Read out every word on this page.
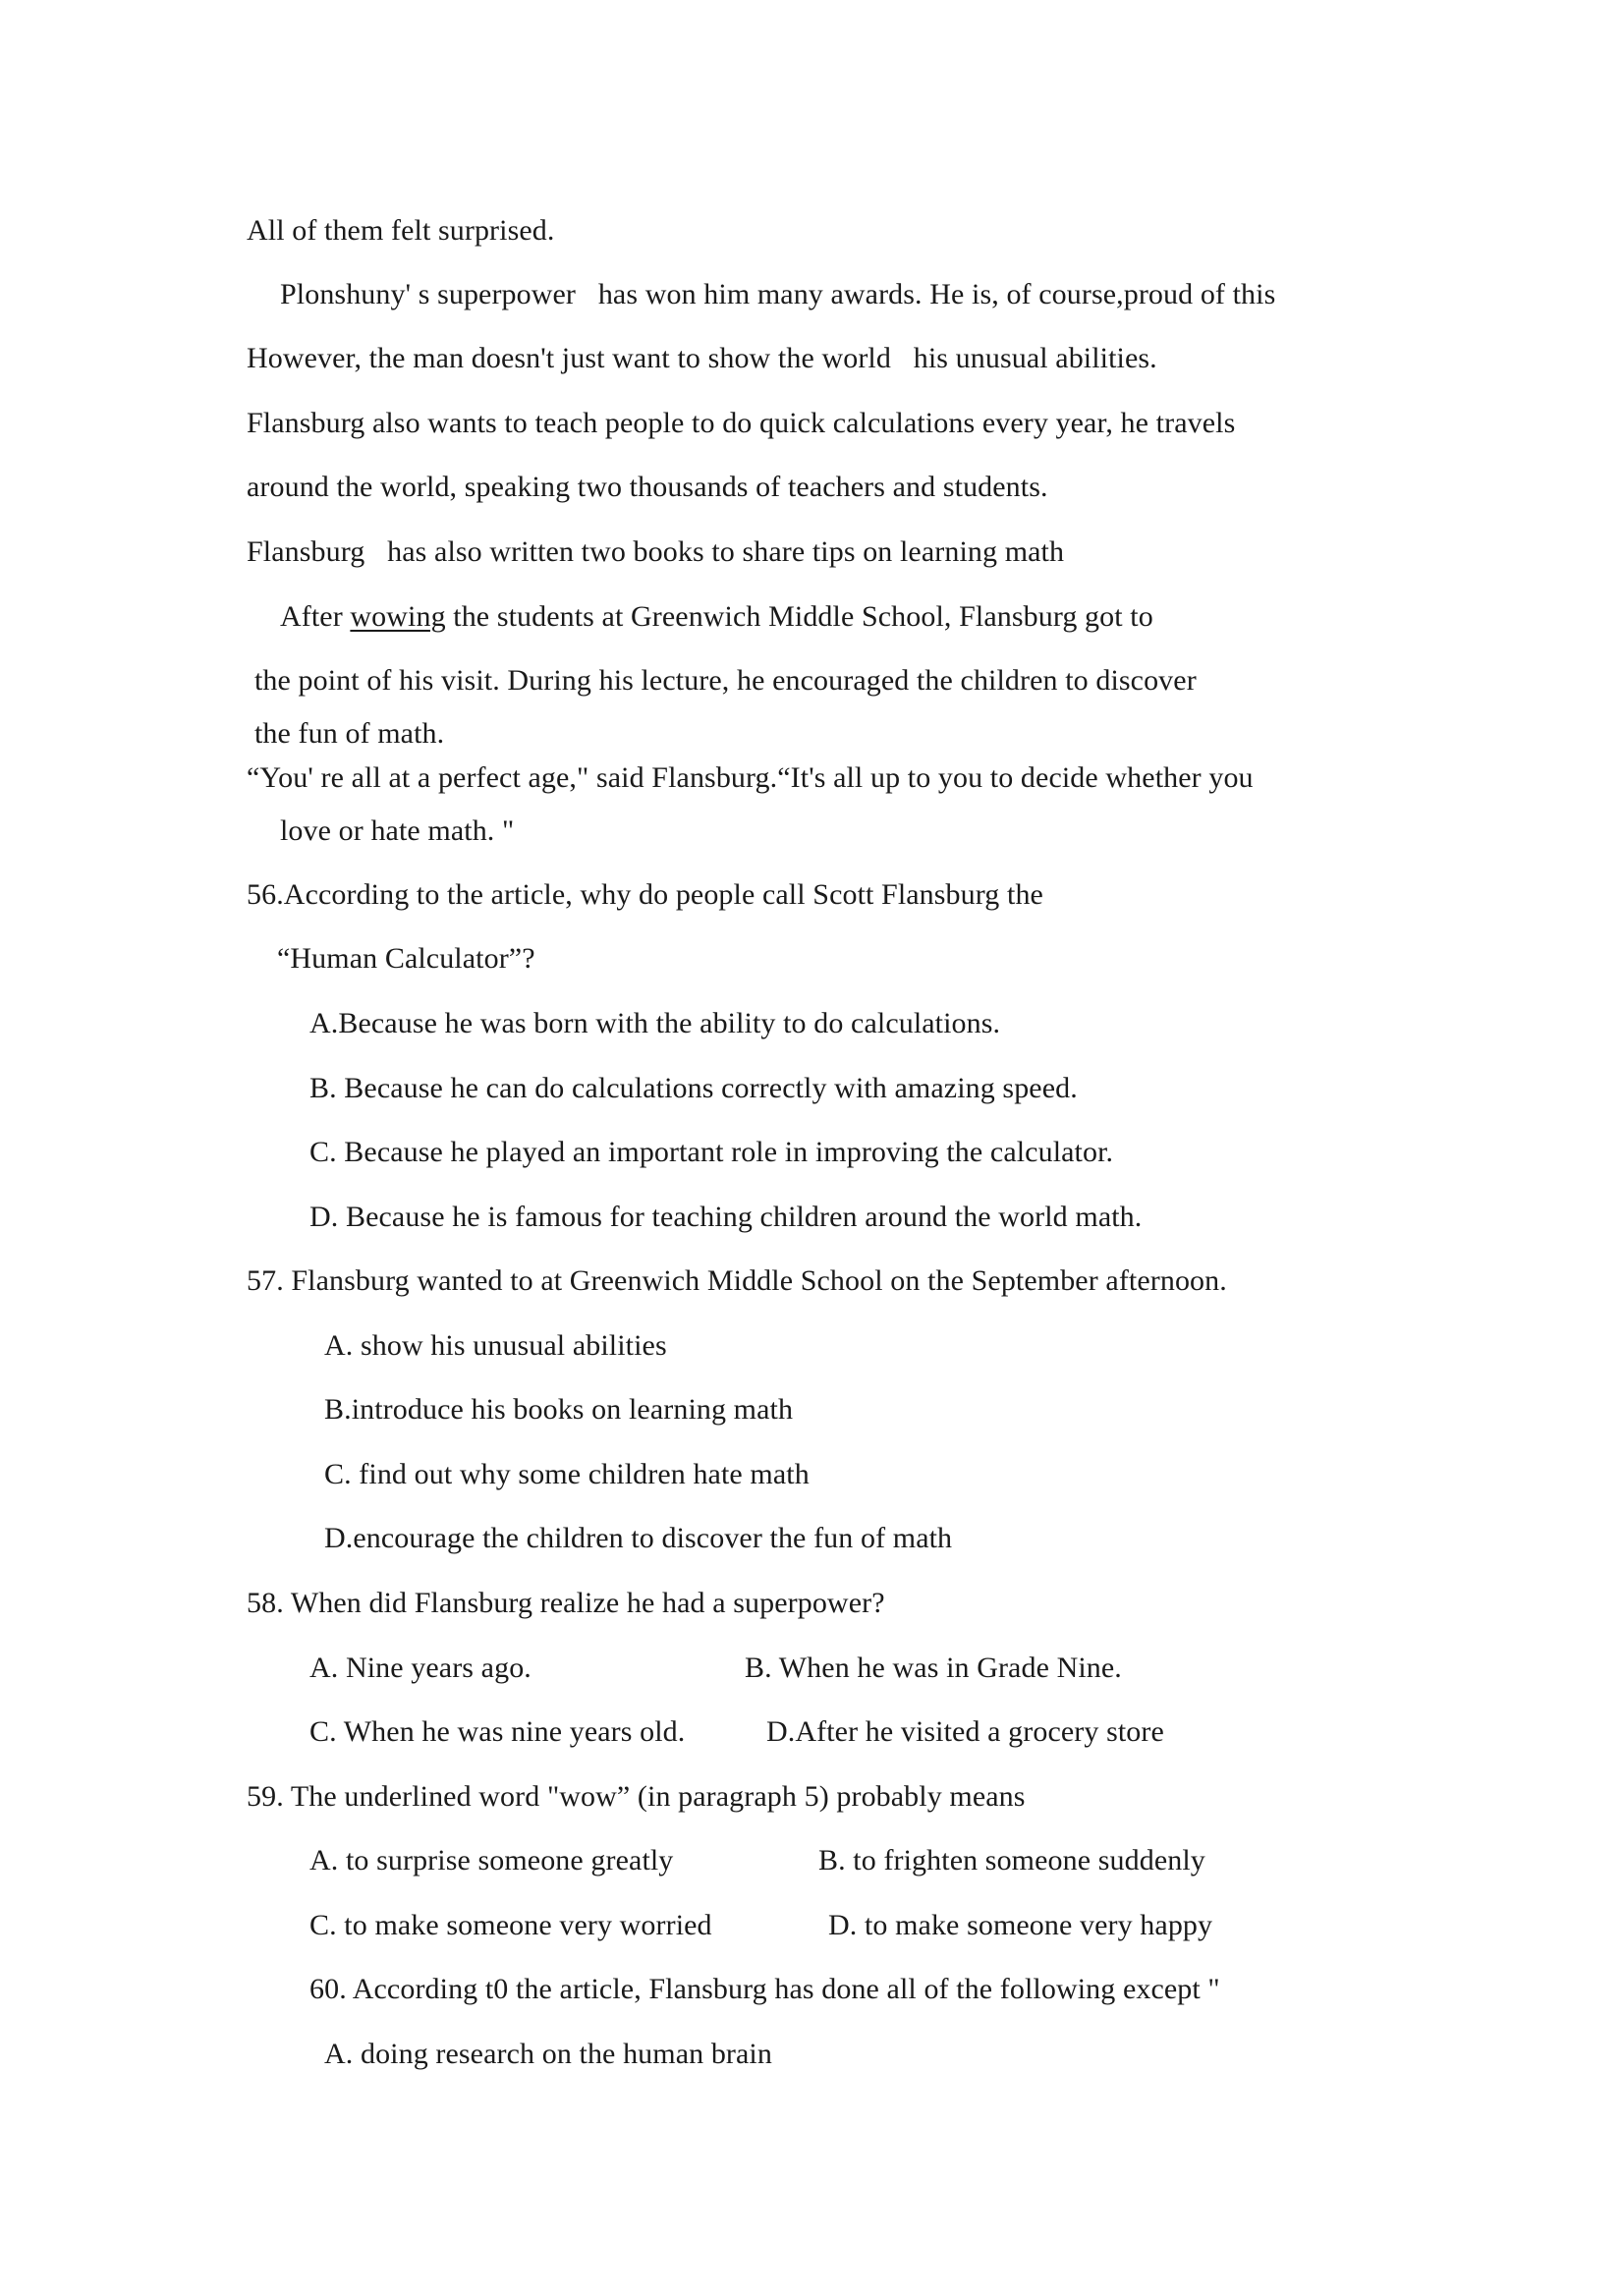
All of them felt surprised.
Plonshuny' s superpower   has won him many awards. He is, of course,proud of this
However, the man doesn't just want to show the world   his unusual abilities.
Flansburg also wants to teach people to do quick calculations every year, he travels
around the world, speaking two thousands of teachers and students.
Flansburg   has also written two books to share tips on learning math
After wowing the students at Greenwich Middle School, Flansburg got to
the point of his visit. During his lecture, he encouraged the children to discover
the fun of math.
“You' re all at a perfect age," said Flansburg.“It's all up to you to decide whether you
love or hate math. "
56.According to the article, why do people call Scott Flansburg the
“Human Calculator”?
A.Because he was born with the ability to do calculations.
B. Because he can do calculations correctly with amazing speed.
C. Because he played an important role in improving the calculator.
D. Because he is famous for teaching children around the world math.
57. Flansburg wanted to at Greenwich Middle School on the September afternoon.
A. show his unusual abilities
B.introduce his books on learning math
C. find out why some children hate math
D.encourage the children to discover the fun of math
58. When did Flansburg realize he had a superpower?
A. Nine years ago.	B. When he was in Grade Nine.
C. When he was nine years old.	D.After he visited a grocery store
59. The underlined word "wow” (in paragraph 5) probably means
A. to surprise someone greatly	B. to frighten someone suddenly
C. to make someone very worried	D. to make someone very happy
60. According t0 the article, Flansburg has done all of the following except "
A. doing research on the human brain
